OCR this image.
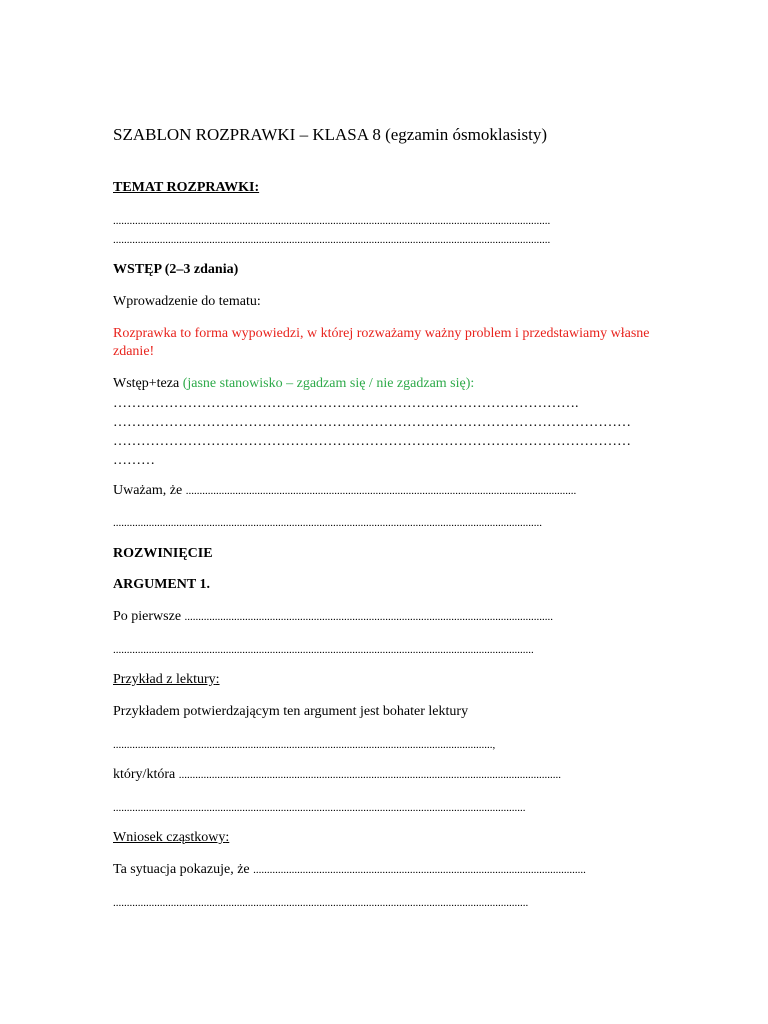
SZABLON ROZPRAWKI – KLASA 8 (egzamin ósmoklasisty)
TEMAT ROZPRAWKI:
...............................................................................................................................................................
...............................................................................................................................................................
WSTĘP (2–3 zdania)
Wprowadzenie do tematu:
Rozprawka to forma wypowiedzi, w której rozważamy ważny problem i przedstawiamy własne zdanie!
Wstęp+teza (jasne stanowisko – zgadzam się / nie zgadzam się):
……………………………………………………………………………………….
…………………………………………………………………………………………………
…………………………………………………………………………………………………
………
Uważam, że ..............................................................................................................................................
............................................................................................................................................................
ROZWINIĘCIE
ARGUMENT 1.
Po pierwsze ......................................................................................................................................
.........................................................................................................................................................
Przykład z lektury:
Przykładem potwierdzającym ten argument jest bohater lektury
..........................................................................................................................................,
który/która ...........................................................................................................................................
......................................................................................................................................................
Wniosek cząstkowy:
Ta sytuacja pokazuje, że .........................................................................................................................
.......................................................................................................................................................
